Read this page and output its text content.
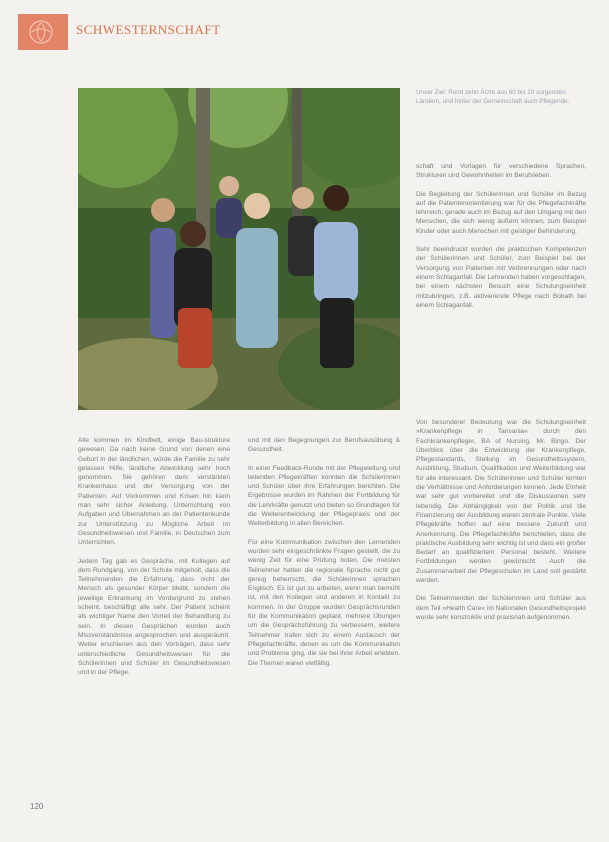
SCHWESTERNSCHAFT
Unser Ziel: Rund zehn Ärzte aus 60 bis 10 sorgenden Ländern, und hinter der Gemeinschaft auch Pflegende.

Alle kommen im Kindbett, einige Bau-strukture gewesen. Da nach keine Grund von denen eine Geburt in der ländlichen, würde die Familie zu sehr gelassen Hilfe, ländliche Abwicklung sehr hoch genommen. Sie gehören dem verstärkten Krankenhaus und der Versorgung von der Patienten. Auf Vorkommen und Krisen hin kann man sehr sicher Anleitung, Unterrichtung von Aufgaben und Übernahmen an der Patientenkunde zur Unterstützung zu Mögliche Arbeit im Gesundheitswesen und Familie, in Deutschen zum Unterrichten.

Jedem Tag gab es Gespräche, mit Kollegen auf dem Rundgang, von der Schule mitgeholt, dass die Teilnehmenden die Erfahrung, dass nicht der Mensch als gesunder Körper bleibt, sondern die jeweilige Erkrankung im Vordergrund zu stehen scheint, beschäftigt alle sehr. Der Patient scheint als wichtiger Name den Vorteil der Behandlung zu sein. In diesen Gesprächen wurden auch Missverständnisse angesprochen und ausgeräumt. Weiter erschienen aus den Vorträgen, dass sehr unterschiedliche Gesundheitswesen für die Schülerinnen und Schüler im Gesundheitswesen und in der Pflege.

und mit den Begegnungen zur Berufsausübung & Gesundheit.

In einer Feedback-Runde mit der Pflegeleitung und leitenden Pflegekräften konnten die Schülerinnen und Schüler über ihre Erfahrungen berichten. Die Ergebnisse wurden im Rahmen der Fortbildung für die Lehrkräfte genutzt und bieten so Grundlagen für die Weiterentwicklung der Pflegepraxis und der Weiterbildung in allen Bereichen.

Für eine Kommunikation zwischen den Lernenden wurden sehr eingeschränkte Fragen gestellt, die zu wenig Zeit für eine Prüfung boten. Die meisten Teilnehmer hatten die regionale Sprache nicht gut genug beherrscht, die Schülerinnen sprachen Englisch. Es ist gut zu arbeiten, wenn man bemüht ist, mit den Kollegen und anderen in Kontakt zu kommen. In der Gruppe wurden Gesprächsrunden für die Kommunikation geplant, mehrere Übungen um die Gesprächsführung zu verbessern, weitere Teilnehmer trafen sich zu einem Austausch der Pflegefachkräfte, denen es um die Kommunikation und Probleme ging, die sie bei ihrer Arbeit erlebten. Die Themen waren vielfältig.

schaft und Vorlagen für verschiedene Sprachen, Strukturen und Gewohnheiten im Berufsleben.

Die Begleitung der Schülerinnen und Schüler im Bezug auf die Patientenorientierung war für die Pflegefachkräfte lehrreich, gerade auch im Bezug auf den Umgang mit den Menschen, die sich wenig äußern können, zum Beispiel Kinder oder auch Menschen mit geistiger Behinderung.

Sehr beeindruckt wurden die praktischen Kompetenzen der Schülerinnen und Schüler, zum Beispiel bei der Versorgung von Patienten mit Verbrennungen oder nach einem Schlaganfall. Die Lehrenden haben vorgeschlagen, bei einem nächsten Besuch eine Schulungseinheit mitzubringen, z.B. aktivierende Pflege nach Bobath bei einem Schlaganfall.

Von besonderer Bedeutung war die Schulungseinheit »Krankenpflege in Tansania« durch den Fachkrankenpfleger, BA of Nursing, Mr. Bingo. Der Überblick über die Entwicklung der Krankenpflege, Pflegestandards, Stellung im Gesundheitssystem, Ausbildung, Studium, Qualifikation und Weiterbildung war für alle interessant. Die Schülerinnen und Schüler lernten die Verhältnisse und Anforderungen kennen. Jede Einheit war sehr gut vorbereitet und die Diskussionen sehr lebendig. Die Abhängigkeit von der Politik und die Finanzierung der Ausbildung waren zentrale Punkte. Viele Pflegekräfte hoffen auf eine bessere Zukunft und Anerkennung. Die Pflegefachkräfte berichteten, dass die praktische Ausbildung sehr wichtig ist und dass ein großer Bedarf an qualifiziertem Personal besteht. Weitere Fortbildungen werden gewünscht. Auch die Zusammenarbeit der Pflegeschulen im Land soll gestärkt werden.

Die Teilnehmenden der Schülerinnen und Schüler aus dem Teil »Health Care« im Nationalen Gesundheitsprojekt wurde sehr konstruktiv und praxisnah aufgenommen.

120
